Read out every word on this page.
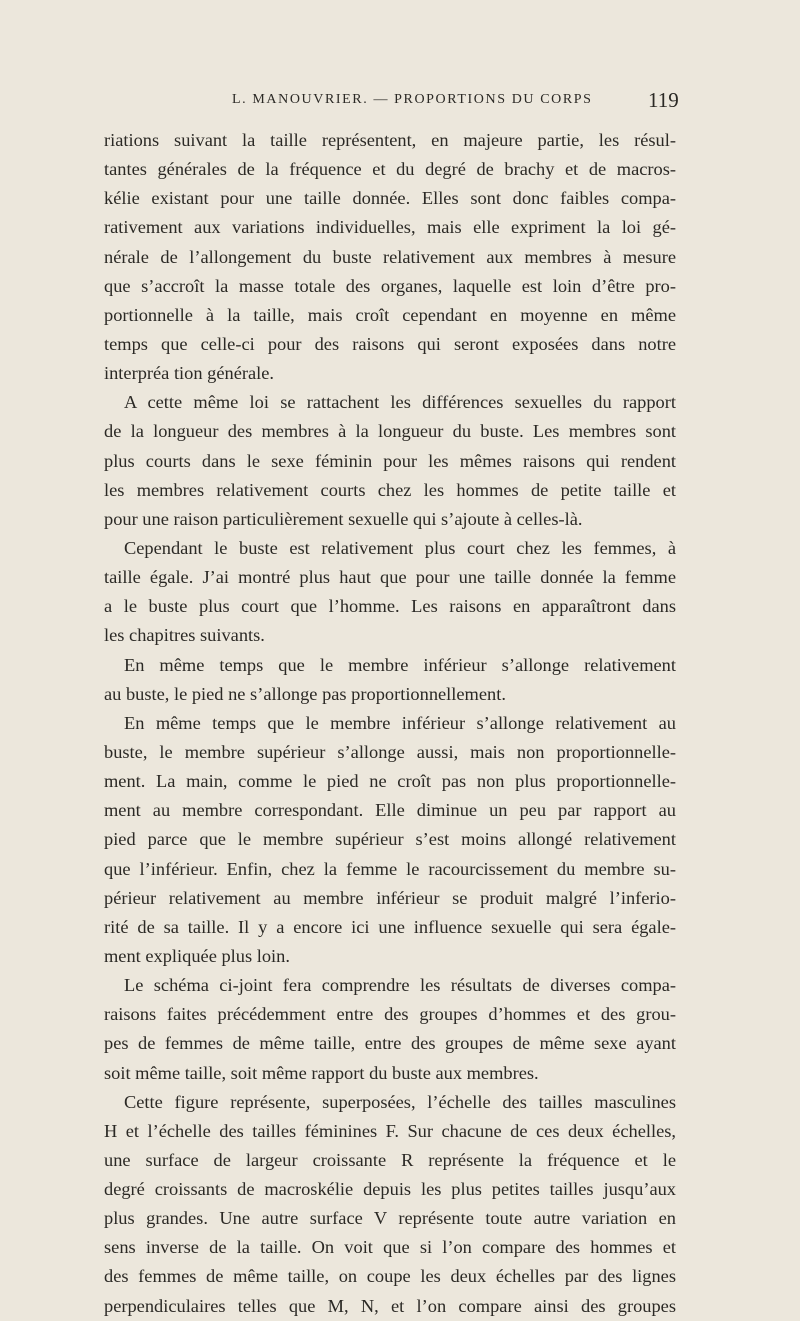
L. MANOUVRIER. — PROPORTIONS DU CORPS	119
riations suivant la taille représentent, en majeure partie, les résul-
tantes générales de la fréquence et du degré de brachy et de macros-
kélie existant pour une taille donnée. Elles sont donc faibles compa-
rativement aux variations individuelles, mais elle expriment la loi gé-
nérale de l’allongement du buste relativement aux membres à mesure
que s’accroît la masse totale des organes, laquelle est loin d’être pro-
portionnelle à la taille, mais croît cependant en moyenne en même
temps que celle-ci pour des raisons qui seront exposées dans notre
interpréa tion générale.
A cette même loi se rattachent les différences sexuelles du rapport
de la longueur des membres à la longueur du buste. Les membres sont
plus courts dans le sexe féminin pour les mêmes raisons qui rendent
les membres relativement courts chez les hommes de petite taille et
pour une raison particulièrement sexuelle qui s’ajoute à celles-là.
Cependant le buste est relativement plus court chez les femmes, à
taille égale. J’ai montré plus haut que pour une taille donnée la femme
a le buste plus court que l’homme. Les raisons en apparaîtront dans
les chapitres suivants.
En même temps que le membre inférieur s’allonge relativement
au buste, le pied ne s’allonge pas proportionnellement.
En même temps que le membre inférieur s’allonge relativement au
buste, le membre supérieur s’allonge aussi, mais non proportionnelle-
ment. La main, comme le pied ne croît pas non plus proportionnelle-
ment au membre correspondant. Elle diminue un peu par rapport au
pied parce que le membre supérieur s’est moins allongé relativement
que l’inférieur. Enfin, chez la femme le racourcissement du membre su-
périeur relativement au membre inférieur se produit malgré l’inferio-
rité de sa taille. Il y a encore ici une influence sexuelle qui sera égale-
ment expliquée plus loin.
Le schéma ci-joint fera comprendre les résultats de diverses compa-
raisons faites précédemment entre des groupes d’hommes et des grou-
pes de femmes de même taille, entre des groupes de même sexe ayant
soit même taille, soit même rapport du buste aux membres.
Cette figure représente, superposées, l’échelle des tailles masculines
H et l’échelle des tailles féminines F. Sur chacune de ces deux échelles,
une surface de largeur croissante R représente la fréquence et le
degré croissants de macroskélie depuis les plus petites tailles jusqu’aux
plus grandes. Une autre surface V représente toute autre variation en
sens inverse de la taille. On voit que si l’on compare des hommes et
des femmes de même taille, on coupe les deux échelles par des lignes
perpendiculaires telles que M, N, et l’on compare ainsi des groupes
